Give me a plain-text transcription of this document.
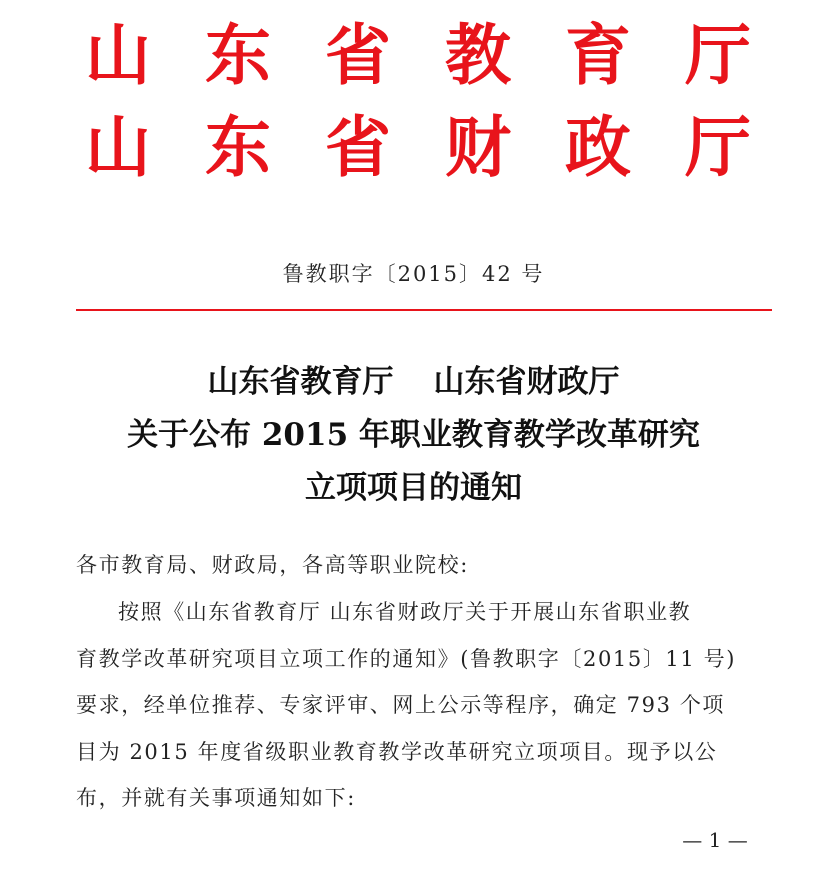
山 东 省 教 育 厅
山 东 省 财 政 厅
鲁教职字〔2015〕42 号
山东省教育厅 山东省财政厅
关于公布 2015 年职业教育教学改革研究
立项项目的通知
各市教育局、财政局，各高等职业院校:
按照《山东省教育厅 山东省财政厅关于开展山东省职业教
育教学改革研究项目立项工作的通知》(鲁教职字〔2015〕11 号)
要求，经单位推荐、专家评审、网上公示等程序，确定 793 个项
目为 2015 年度省级职业教育教学改革研究立项项目。现予以公
布，并就有关事项通知如下:
— 1 —
